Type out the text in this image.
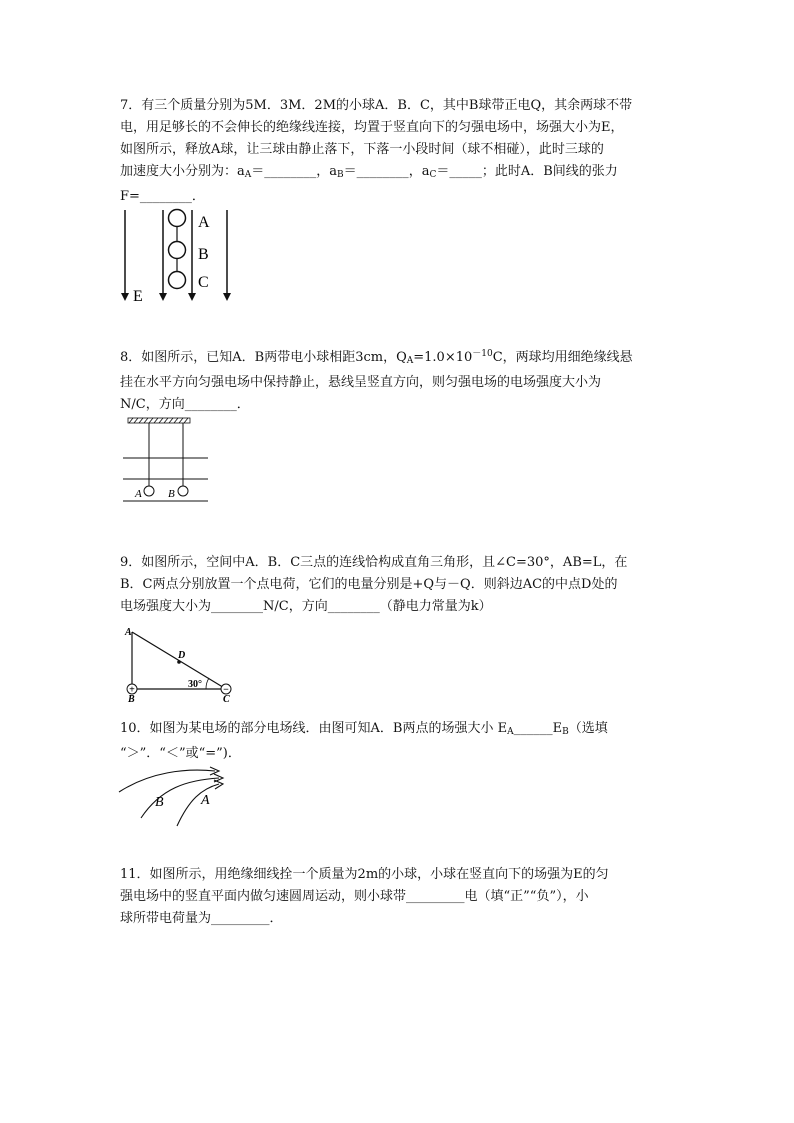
7．有三个质量分别为5M．3M．2M的小球A．B．C，其中B球带正电Q，其余两球不带

电，用足够长的不会伸长的绝缘线连接，均置于竖直向下的匀强电场中，场强大小为E，

如图所示，释放A球，让三球由静止落下，下落一小段时间（球不相碰），此时三球的

加速度大小分别为：$a_A=\_\_\_\_\_\_\_\_$，$a_B=\_\_\_\_\_\_\_\_$，$a_C=\_\_\_\_\_$；此时A．B间线的张力

F=________．

A
B
C
E

8．如图所示，已知A．B两带电小球相距3cm，$Q_A=1.0\times 10^{-10}C$，两球均用细绝缘线悬

挂在水平方向匀强电场中保持静止，悬线呈竖直方向，则匀强电场的电场强度大小为

N/C，方向________．

A B

9．如图所示，空间中A．B．C三点的连线恰构成直角三角形，且∠C=30°，AB=L，在

B．C两点分别放置一个点电荷，它们的电量分别是+Q与－Q．则斜边AC的中点D处的

电场强度大小为________N/C，方向________（静电力常量为k）

+	−
A
B	C
D
30°

10．如图为某电场的部分电场线．由图可知A．B两点的场强大小 $E_A\_\_\_\_\_\_E_B$（选填

“＞”．“＜”或“=”)．

B	A

11．如图所示，用绝缘细线拴一个质量为2m的小球，小球在竖直向下的场强为E的匀

强电场中的竖直平面内做匀速圆周运动，则小球带_________电（填“正”“负”），小

球所带电荷量为_________．
